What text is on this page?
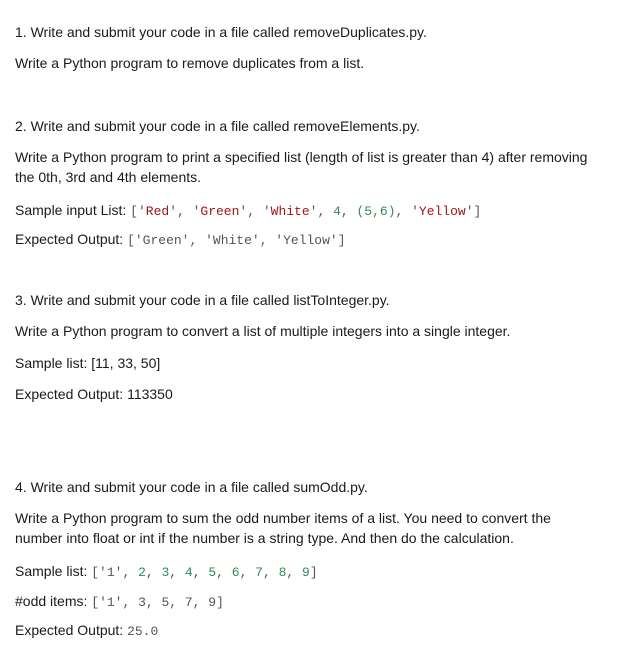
1. Write and submit your code in a file called removeDuplicates.py.
Write a Python program to remove duplicates from a list.
2. Write and submit your code in a file called removeElements.py.
Write a Python program to print a specified list (length of list is greater than 4) after removing the 0th, 3rd and 4th elements.
Sample input List: ['Red', 'Green', 'White', 4, (5,6), 'Yellow']
Expected Output: ['Green', 'White', 'Yellow']
3. Write and submit your code in a file called listToInteger.py.
Write a Python program to convert a list of multiple integers into a single integer.
Sample list: [11, 33, 50]
Expected Output: 113350
4. Write and submit your code in a file called sumOdd.py.
Write a Python program to sum the odd number items of a list. You need to convert the number into float or int if the number is a string type. And then do the calculation.
Sample list: ['1', 2, 3, 4, 5, 6, 7, 8, 9]
#odd items: ['1', 3, 5, 7, 9]
Expected Output: 25.0
